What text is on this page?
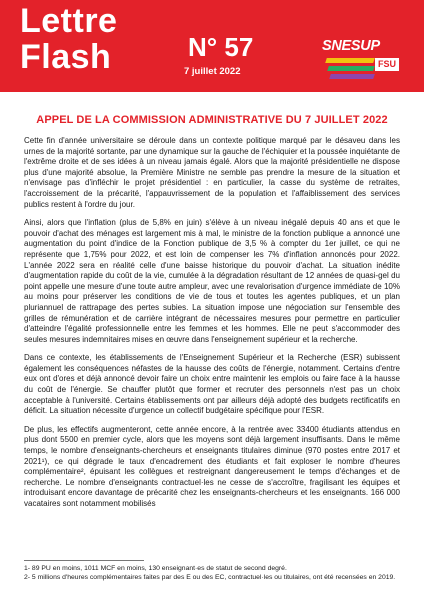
Lettre
Flash	N° 57
7 juillet 2022
SNESUP
FSU
APPEL DE LA COMMISSION ADMINISTRATIVE DU 7 JUILLET 2022

Cette fin d'année universitaire se déroule dans un contexte politique marqué par le désaveu dans les urnes de la majorité sortante, par une dynamique sur la gauche de l'échiquier et la poussée inquiétante de l'extrême droite et de ses idées à un niveau jamais égalé. Alors que la majorité présidentielle ne dispose plus d'une majorité absolue, la Première Ministre ne semble pas prendre la mesure de la situation et n'envisage pas d'infléchir le projet présidentiel : en particulier, la casse du système de retraites, l'accroissement de la précarité, l'appauvrissement de la population et l'affaiblissement des services publics restent à l'ordre du jour.

Ainsi, alors que l'inflation (plus de 5,8% en juin) s'élève à un niveau inégalé depuis 40 ans et que le pouvoir d'achat des ménages est largement mis à mal, le ministre de la fonction publique a annoncé une augmentation du point d'indice de la Fonction publique de 3,5 % à compter du 1er juillet, ce qui ne représente que 1,75% pour 2022, et est loin de compenser les 7% d'inflation annoncés pour 2022. L'année 2022 sera en réalité celle d'une baisse historique du pouvoir d'achat. La situation inédite d'augmentation rapide du coût de la vie, cumulée à la dégradation résultant de 12 années de quasi-gel du point appelle une mesure d'une toute autre ampleur, avec une revalorisation d'urgence immédiate de 10% au moins pour préserver les conditions de vie de tous et toutes les agentes publiques, et un plan pluriannuel de rattrapage des pertes subies. La situation impose une négociation sur l'ensemble des grilles de rémunération et de carrière intégrant de nécessaires mesures pour permettre en particulier d'atteindre l'égalité professionnelle entre les femmes et les hommes. Elle ne peut s'accommoder des seules mesures indemnitaires mises en œuvre dans l'enseignement supérieur et la recherche.

Dans ce contexte, les établissements de l'Enseignement Supérieur et la Recherche (ESR) subissent également les conséquences néfastes de la hausse des coûts de l'énergie, notamment. Certains d'entre eux ont d'ores et déjà annoncé devoir faire un choix entre maintenir les emplois ou faire face à la hausse du coût de l'énergie. Se chauffer plutôt que former et recruter des personnels n'est pas un choix acceptable à l'université. Certains établissements ont par ailleurs déjà adopté des budgets rectificatifs en déficit. La situation nécessite d'urgence un collectif budgétaire spécifique pour l'ESR.

De plus, les effectifs augmenteront, cette année encore, à la rentrée avec 33400 étudiants attendus en plus dont 5500 en premier cycle, alors que les moyens sont déjà largement insuffisants. Dans le même temps, le nombre d'enseignants-chercheurs et enseignants titulaires diminue (970 postes entre 2017 et 2021¹), ce qui dégrade le taux d'encadrement des étudiants et fait exploser le nombre d'heures complémentaire², épuisant les collègues et restreignant dangereusement le temps d'échanges et de recherche. Le nombre d'enseignants contractuel·les ne cesse de s'accroître, fragilisant les équipes et introduisant encore davantage de précarité chez les enseignants-chercheurs et les enseignants. 166 000 vacataires sont notamment mobilisés

1- 89 PU en moins, 1011 MCF en moins, 130 enseignant·es de statut de second degré.

2- 5 millions d'heures complémentaires faites par des E ou des EC, contractuel·les ou titulaires, ont été recensées en 2019.
